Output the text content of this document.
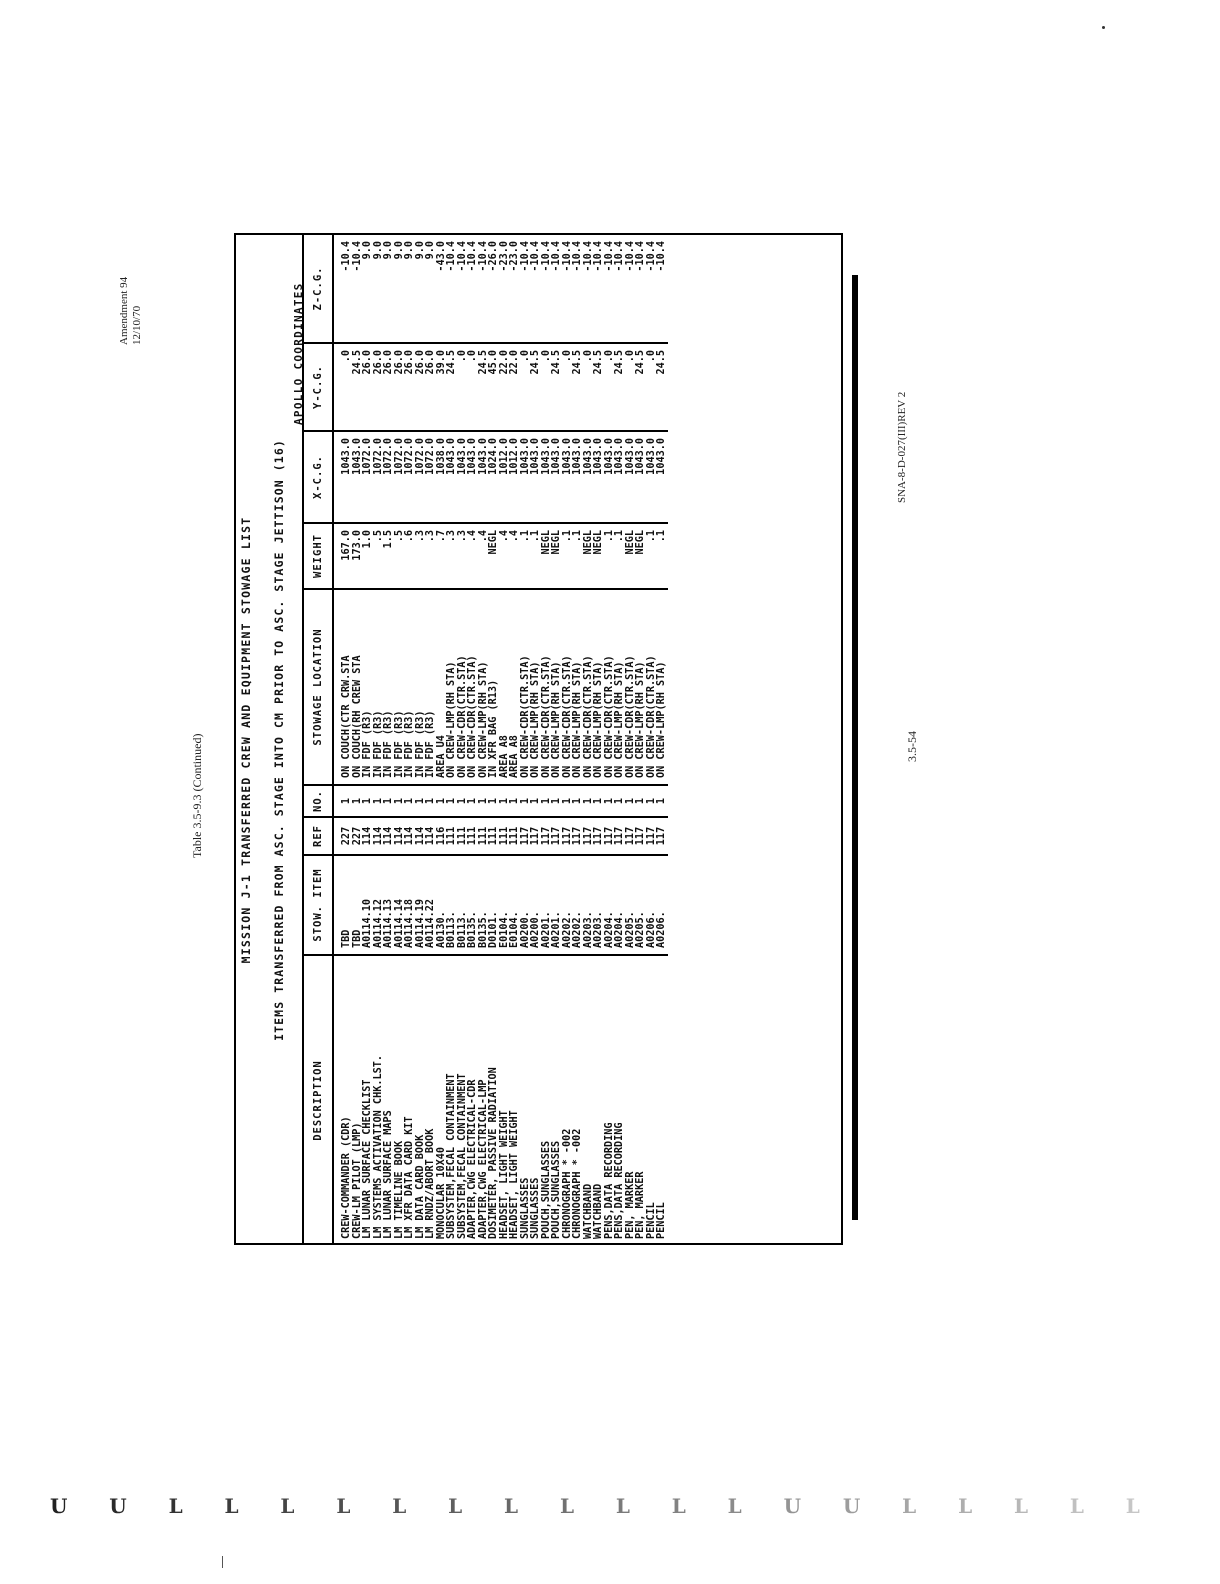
Amendment 94 12/10/70
Table 3.5-9.3 (Continued)	MISSION J-1 TRANSFERRED CREW AND EQUIPMENT STOWAGE LIST ITEMS TRANSFERRED FROM ASC. STAGE INTO CM PRIOR TO ASC. STAGE JETTISON (16)
APOLLO COORDINATES
DESCRIPTION	STOW. ITEM	REF	NO.	STOWAGE LOCATION	WEIGHT	X-C.G.	Y-C.G.	Z-C.G.
CREW-COMMANDER (CDR)	TBD	227	1	ON COUCH(CTR CRW.STA	167.0	1043.0	.0	-10.4
CREW-LM PILOT (LMP)	TBD	227	1	ON COUCH(RH CREW STA	173.0	1043.0	24.5	-10.4
LM LUNAR SURFACE CHECKLIST	A0114.10	114	1	IN FDF (R3)	1.0	1072.0	26.0	9.0
LM SYSTEMS ACTIVATION CHK.LST.	A0114.12	114	1	IN FDF (R3)	.5	1072.0	26.0	9.0
LM LUNAR SURFACE MAPS	A0114.13	114	1	IN FDF (R3)	1.5	1072.0	26.0	9.0
LM TIMELINE BOOK	A0114.14	114	1	IN FDF (R3)	.5	1072.0	26.0	9.0
LM XFR DATA CARD KIT	A0114.18	114	1	IN FDF (R3)	.6	1072.0	26.0	9.0
LM DATA CARD BOOK	A0114.19	114	1	IN FDF (R3)	.3	1072.0	26.0	9.0
LM RNDZ/ABORT BOOK	A0114.22	114	1	IN FDF (R3)	.3	1072.0	26.0	9.0
MONOCULAR 10X40	A0130.	116	1	AREA U4	.7	1038.0	39.0	-43.0
SUBSYSTEM,FECAL CONTAINMENT	B0113.	111	1	ON CREW-LMP(RH STA)	.3	1043.0	24.5	-10.4
SUBSYSTEM,FECAL CONTAINMENT	B0113.	111	1	ON CREW-CDR(CTR.STA)	.3	1043.0	.0	-10.4
ADAPTER,CWG ELECTRICAL-CDR	B0135.	111	1	ON CREW-CDR(CTR.STA)	.4	1043.0	.0	-10.4
ADAPTER,CWG ELECTRICAL-LMP	B0135.	111	1	ON CREW-LMP(RH STA)	.4	1043.0	24.5	-10.4
DOSIMETER, PASSIVE RADIATION	D0101.	111	1	IN XFR BAG (R13)	NEGL	1024.0	45.0	-26.0
HEADSET, LIGHT WEIGHT	E0104.	111	1	AREA A8	.4	1012.0	22.0	-23.0
HEADSET, LIGHT WEIGHT	E0104.	111	1	AREA A8	.4	1012.0	22.0	-23.0
SUNGLASSES	A0200.	117	1	ON CREW-CDR(CTR.STA)	.1	1043.0	.0	-10.4
SUNGLASSES	A0200.	117	1	ON CREW-LMP(RH STA)	.1	1043.0	24.5	-10.4
POUCH,SUNGLASSES	A0201.	117	1	ON CREW-CDR(CTR.STA)	NEGL	1043.0	.0	-10.4
POUCH,SUNGLASSES	A0201.	117	1	ON CREW-LMP(RH STA)	NEGL	1043.0	24.5	-10.4
CHRONOGRAPH * -002	A0202.	117	1	ON CREW-CDR(CTR.STA)	.1	1043.0	.0	-10.4
CHRONOGRAPH * -002	A0202.	117	1	ON CREW-LMP(RH STA)	.1	1043.0	24.5	-10.4
WATCHBAND	A0203.	117	1	ON CREW-CDR(CTR.STA)	NEGL	1043.0	.0	-10.4
WATCHBAND	A0203.	117	1	ON CREW-LMP(RH STA)	NEGL	1043.0	24.5	-10.4
PENS,DATA RECORDING	A0204.	117	1	ON CREW-CDR(CTR.STA)	.1	1043.0	.0	-10.4
PENS,DATA RECORDING	A0204.	117	1	ON CREW-LMP(RH STA)	.1	1043.0	24.5	-10.4
PEN, MARKER	A0205.	117	1	ON CREW-CDR(CTR.STA)	NEGL	1043.0	.0	-10.4
PEN, MARKER	A0205.	117	1	ON CREW-LMP(RH STA)	NEGL	1043.0	24.5	-10.4
PENCIL	A0206.	117	1	ON CREW-CDR(CTR.STA)	.1	1043.0	.0	-10.4
PENCIL	A0206.	117	1	ON CREW-LMP(RH STA)	.1	1043.0	24.5	-10.4
3.5-54
SNA-8-D-027(III)REV 2
U U L L L L L L L L L L L U U L L L L L
